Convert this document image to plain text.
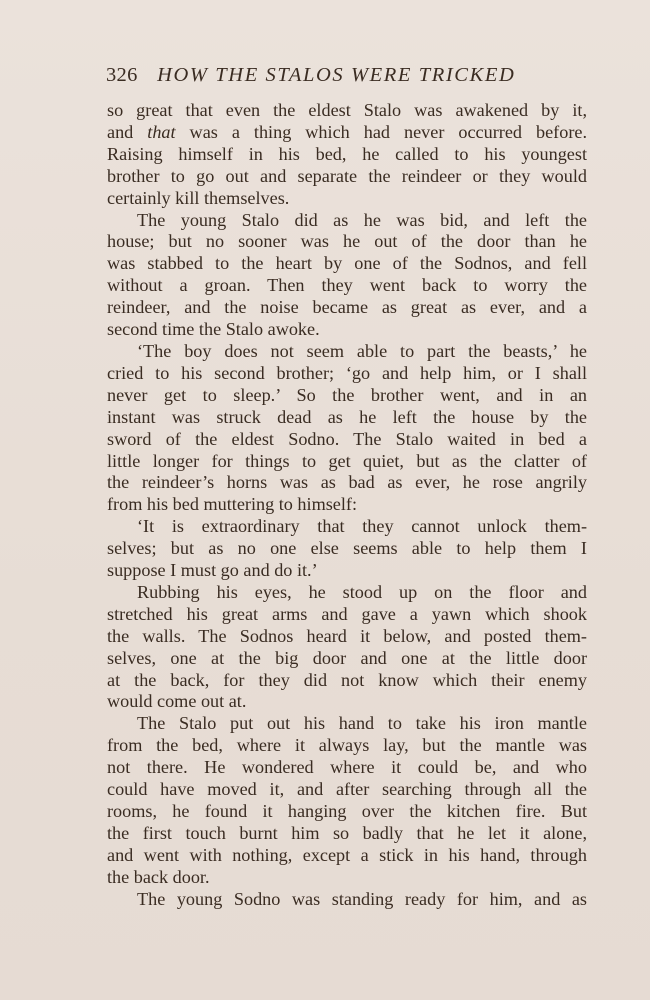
326 HOW THE STALOS WERE TRICKED
so great that even the eldest Stalo was awakened by it,
and that was a thing which had never occurred before.
Raising himself in his bed, he called to his youngest
brother to go out and separate the reindeer or they would
certainly kill themselves.
The young Stalo did as he was bid, and left the
house; but no sooner was he out of the door than he
was stabbed to the heart by one of the Sodnos, and fell
without a groan. Then they went back to worry the
reindeer, and the noise became as great as ever, and a
second time the Stalo awoke.
‘The boy does not seem able to part the beasts,’ he
cried to his second brother; ‘go and help him, or I shall
never get to sleep.’ So the brother went, and in an
instant was struck dead as he left the house by the
sword of the eldest Sodno. The Stalo waited in bed a
little longer for things to get quiet, but as the clatter of
the reindeer’s horns was as bad as ever, he rose angrily
from his bed muttering to himself:
‘It is extraordinary that they cannot unlock them-
selves; but as no one else seems able to help them I
suppose I must go and do it.’
Rubbing his eyes, he stood up on the floor and
stretched his great arms and gave a yawn which shook
the walls. The Sodnos heard it below, and posted them-
selves, one at the big door and one at the little door
at the back, for they did not know which their enemy
would come out at.
The Stalo put out his hand to take his iron mantle
from the bed, where it always lay, but the mantle was
not there. He wondered where it could be, and who
could have moved it, and after searching through all the
rooms, he found it hanging over the kitchen fire. But
the first touch burnt him so badly that he let it alone,
and went with nothing, except a stick in his hand, through
the back door.
The young Sodno was standing ready for him, and as
